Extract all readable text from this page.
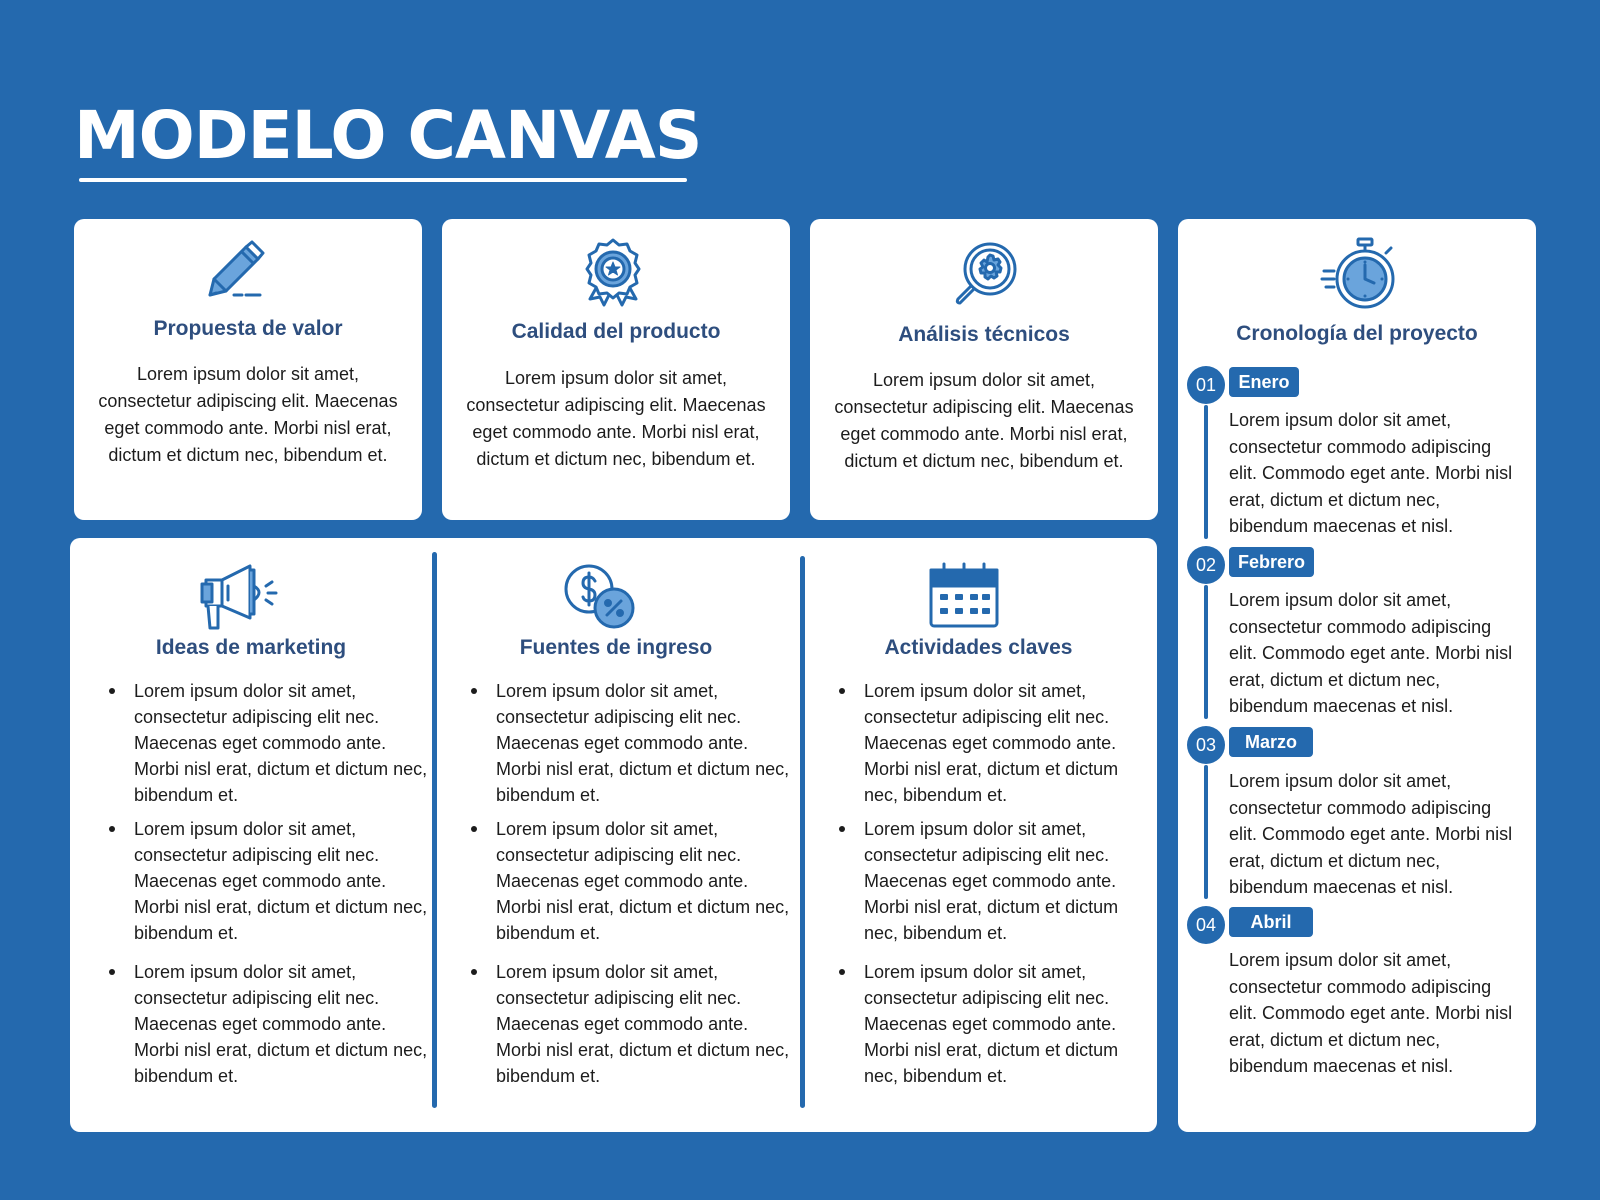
MODELO CANVAS
Propuesta de valor
Lorem ipsum dolor sit amet, consectetur adipiscing elit. Maecenas eget commodo ante. Morbi nisl erat, dictum et dictum nec, bibendum et.
Calidad del producto
Lorem ipsum dolor sit amet, consectetur adipiscing elit. Maecenas eget commodo ante. Morbi nisl erat, dictum et dictum nec, bibendum et.
Análisis técnicos
Lorem ipsum dolor sit amet, consectetur adipiscing elit. Maecenas eget commodo ante. Morbi nisl erat, dictum et dictum nec, bibendum et.
Ideas de marketing
Lorem ipsum dolor sit amet, consectetur adipiscing elit nec. Maecenas eget commodo ante. Morbi nisl erat, dictum et dictum nec, bibendum et.
Lorem ipsum dolor sit amet, consectetur adipiscing elit nec. Maecenas eget commodo ante. Morbi nisl erat, dictum et dictum nec, bibendum et.
Lorem ipsum dolor sit amet, consectetur adipiscing elit nec. Maecenas eget commodo ante. Morbi nisl erat, dictum et dictum nec, bibendum et.
Fuentes de ingreso
Lorem ipsum dolor sit amet, consectetur adipiscing elit nec. Maecenas eget commodo ante. Morbi nisl erat, dictum et dictum nec, bibendum et.
Lorem ipsum dolor sit amet, consectetur adipiscing elit nec. Maecenas eget commodo ante. Morbi nisl erat, dictum et dictum nec, bibendum et.
Lorem ipsum dolor sit amet, consectetur adipiscing elit nec. Maecenas eget commodo ante. Morbi nisl erat, dictum et dictum nec, bibendum et.
Actividades claves
Lorem ipsum dolor sit amet, consectetur adipiscing elit nec. Maecenas eget commodo ante. Morbi nisl erat, dictum et dictum nec, bibendum et.
Lorem ipsum dolor sit amet, consectetur adipiscing elit nec. Maecenas eget commodo ante. Morbi nisl erat, dictum et dictum nec, bibendum et.
Lorem ipsum dolor sit amet, consectetur adipiscing elit nec. Maecenas eget commodo ante. Morbi nisl erat, dictum et dictum nec, bibendum et.
Cronología del proyecto
01	Enero
Lorem ipsum dolor sit amet, consectetur commodo adipiscing elit. Commodo eget ante. Morbi nisl erat, dictum et dictum nec, bibendum maecenas et nisl.
02	Febrero
Lorem ipsum dolor sit amet, consectetur commodo adipiscing elit. Commodo eget ante. Morbi nisl erat, dictum et dictum nec, bibendum maecenas et nisl.
03	Marzo
Lorem ipsum dolor sit amet, consectetur commodo adipiscing elit. Commodo eget ante. Morbi nisl erat, dictum et dictum nec, bibendum maecenas et nisl.
04	Abril
Lorem ipsum dolor sit amet, consectetur commodo adipiscing elit. Commodo eget ante. Morbi nisl erat, dictum et dictum nec, bibendum maecenas et nisl.
